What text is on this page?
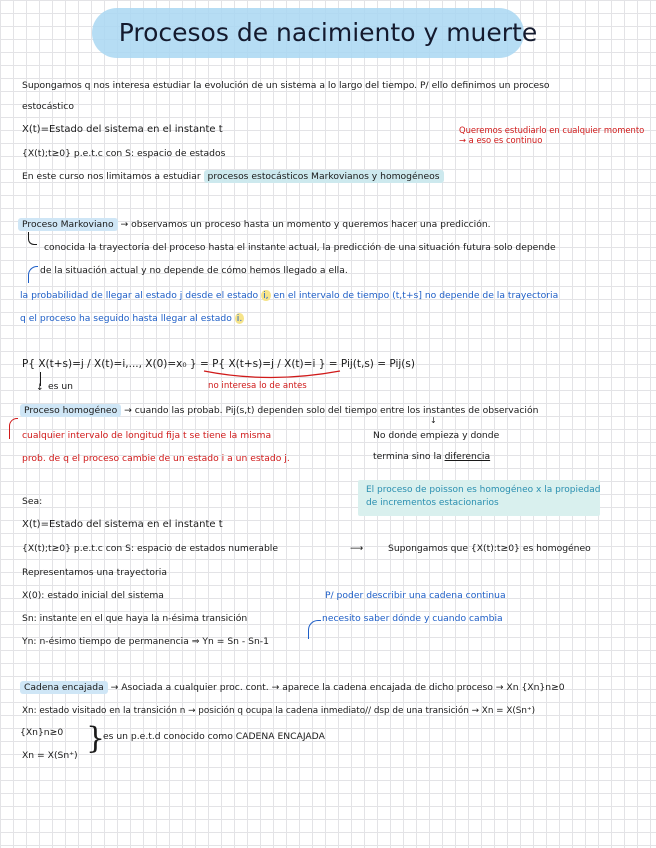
Procesos de nacimiento y muerte
Supongamos q nos interesa estudiar la evolución de un sistema a lo largo del tiempo. P/ ello definimos un proceso
estocástico
X(t)=Estado del sistema en el instante t	Queremos estudiarlo en cualquier momento → a eso es continuo
{X(t);t≥0} p.e.t.c con S: espacio de estados
En este curso nos limitamos a estudiar procesos estocásticos Markovianos y homogéneos
Proceso Markoviano → observamos un proceso hasta un momento y queremos hacer una predicción.
conocida la trayectoria del proceso hasta el instante actual, la predicción de una situación futura solo depende
de la situación actual y no depende de cómo hemos llegado a ella.
la probabilidad de llegar al estado j desde el estado i, en el intervalo de tiempo (t,t+s] no depende de la trayectoria
q el proceso ha seguido hasta llegar al estado i.
P{ X(t+s)=j / X(t)=i,..., X(0)=x₀ } = P{ X(t+s)=j / X(t)=i } = Pij(t,s) = Pij(s)
↓ es un	no interesa lo de antes
Proceso homogéneo → cuando las probab. Pij(s,t) dependen solo del tiempo entre los instantes de observación
↓
cualquier intervalo de longitud fija t se tiene la misma
prob. de q el proceso cambie de un estado i a un estado j.
No donde empieza y donde
termina sino la diferencia
El proceso de poisson es homogéneo x la propiedad de incrementos estacionarios
Sea:
X(t)=Estado del sistema en el instante t
{X(t);t≥0} p.e.t.c con S: espacio de estados numerable	⟶	Supongamos que {X(t):t≥0} es homogéneo
Representamos una trayectoria
X(0): estado inicial del sistema	P/ poder describir una cadena continua
Sn: instante en el que haya la n-ésima transición	necesito saber dónde y cuando cambia
Yn: n-ésimo tiempo de permanencia ⇒ Yn = Sn - Sn-1
Cadena encajada → Asociada a cualquier proc. cont. → aparece la cadena encajada de dicho proceso → Xn {Xn}n≥0
Xn: estado visitado en la transición n → posición q ocupa la cadena inmediato// dsp de una transición → Xn = X(Sn⁺)
{Xn}n≥0
Xn = X(Sn⁺) }
es un p.e.t.d conocido como CADENA ENCAJADA
